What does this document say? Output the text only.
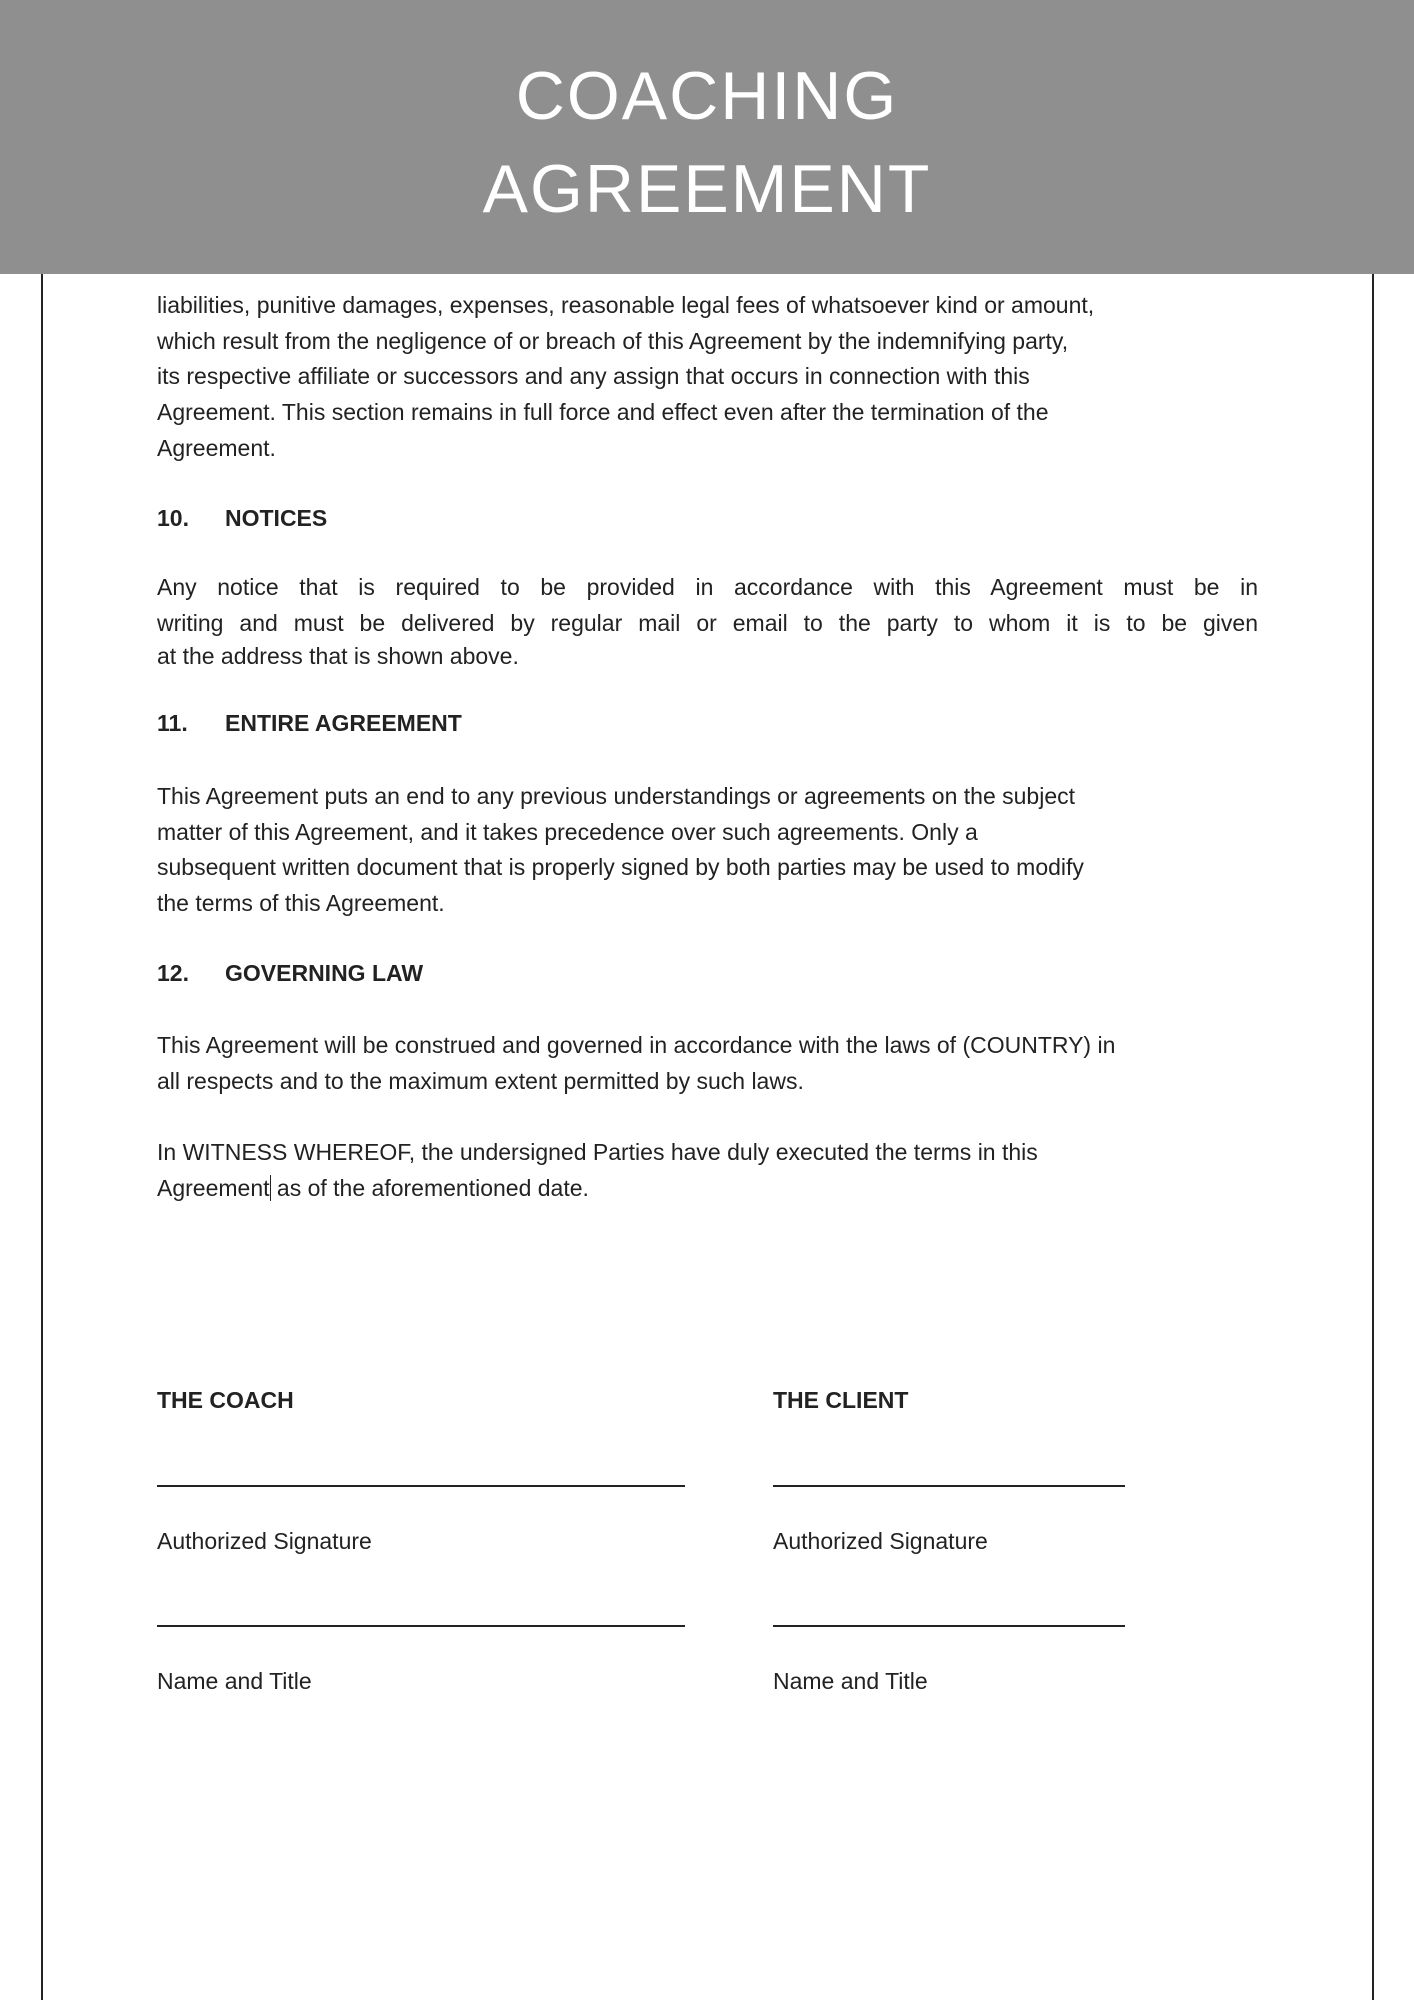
COACHING
AGREEMENT
liabilities, punitive damages, expenses, reasonable legal fees of whatsoever kind or amount,
which result from the negligence of or breach of this Agreement by the indemnifying party,
its respective affiliate or successors and any assign that occurs in connection with this
Agreement. This section remains in full force and effect even after the termination of the
Agreement.
10. NOTICES
Any notice that is required to be provided in accordance with this Agreement must be in
writing and must be delivered by regular mail or email to the party to whom it is to be given
at the address that is shown above.
11. ENTIRE AGREEMENT
This Agreement puts an end to any previous understandings or agreements on the subject
matter of this Agreement, and it takes precedence over such agreements. Only a
subsequent written document that is properly signed by both parties may be used to modify
the terms of this Agreement.
12. GOVERNING LAW
This Agreement will be construed and governed in accordance with the laws of (COUNTRY) in
all respects and to the maximum extent permitted by such laws.
In WITNESS WHEREOF, the undersigned Parties have duly executed the terms in this
Agreement as of the aforementioned date.
THE COACH	THE CLIENT
Authorized Signature	Authorized Signature
Name and Title	Name and Title
